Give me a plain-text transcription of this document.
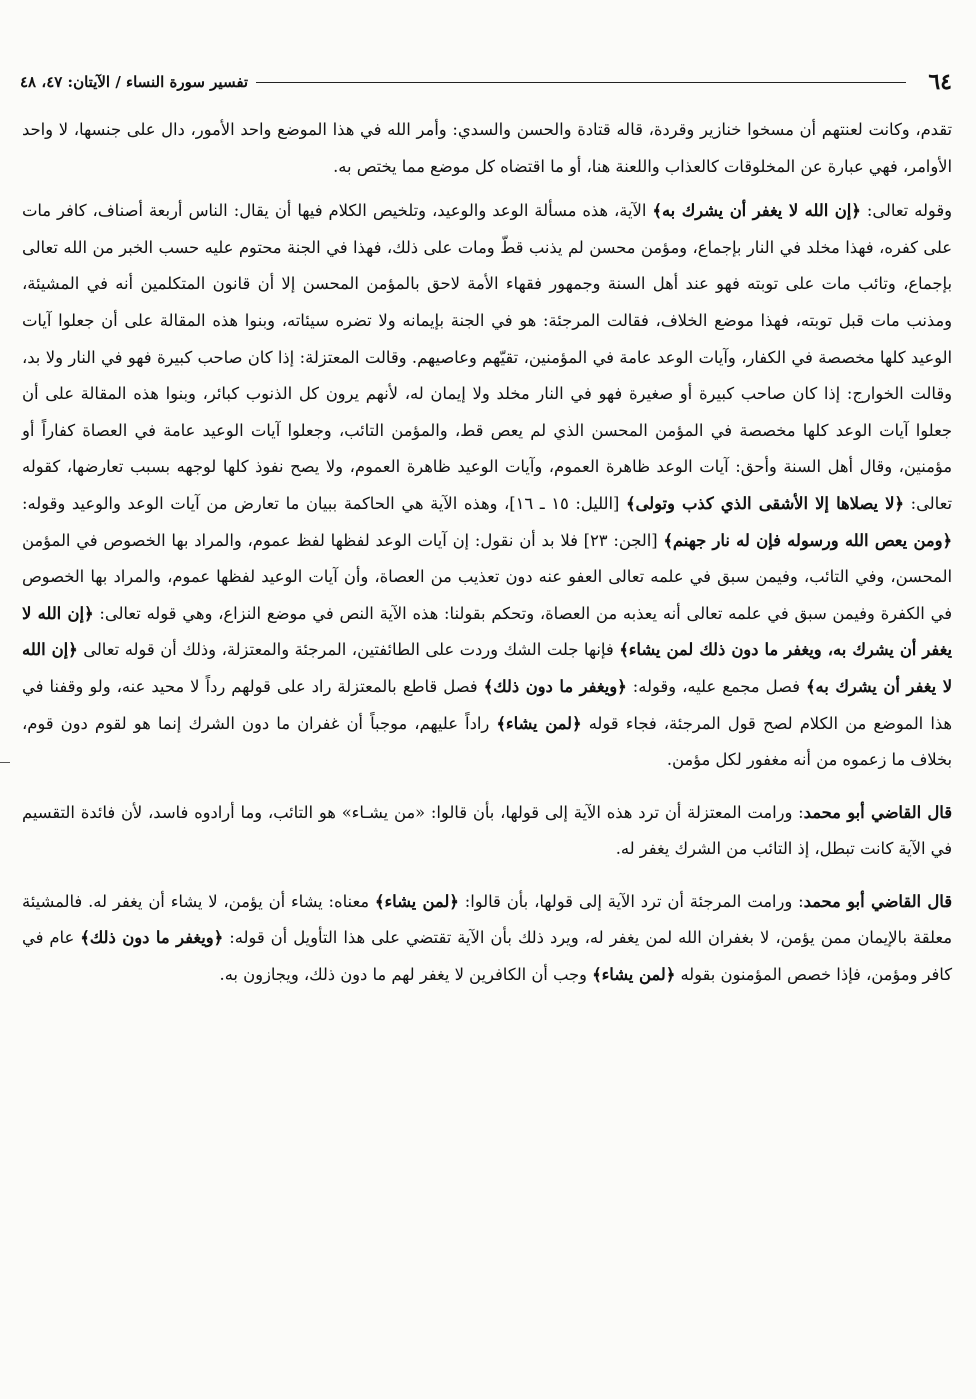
٦٤
تفسير سورة النساء / الآيتان: ٤٧، ٤٨

تقدم، وكانت لعنتهم أن مسخوا خنازير وقردة، قاله قتادة والحسن والسدي: وأمر الله في هذا الموضع واحد الأمور، دال على جنسها، لا واحد الأوامر، فهي عبارة عن المخلوقات كالعذاب واللعنة هنا، أو ما اقتضاه كل موضع مما يختص به.

وقوله تعالى: ﴿إن الله لا يغفر أن يشرك به﴾ الآية، هذه مسألة الوعد والوعيد، وتلخيص الكلام فيها أن يقال: الناس أربعة أصناف، كافر مات على كفره، فهذا مخلد في النار بإجماع، ومؤمن محسن لم يذنب قطّ ومات على ذلك، فهذا في الجنة محتوم عليه حسب الخبر من الله تعالى بإجماع، وتائب مات على توبته فهو عند أهل السنة وجمهور فقهاء الأمة لاحق بالمؤمن المحسن إلا أن قانون المتكلمين أنه في المشيئة، ومذنب مات قبل توبته، فهذا موضع الخلاف، فقالت المرجئة: هو في الجنة بإيمانه ولا تضره سيئاته، وبنوا هذه المقالة على أن جعلوا آيات الوعيد كلها مخصصة في الكفار، وآيات الوعد عامة في المؤمنين، تقيّهم وعاصيهم. وقالت المعتزلة: إذا كان صاحب كبيرة فهو في النار ولا بد، وقالت الخوارج: إذا كان صاحب كبيرة أو صغيرة فهو في النار مخلد ولا إيمان له، لأنهم يرون كل الذنوب كبائر، وبنوا هذه المقالة على أن جعلوا آيات الوعد كلها مخصصة في المؤمن المحسن الذي لم يعص قط، والمؤمن التائب، وجعلوا آيات الوعيد عامة في العصاة كفاراً أو مؤمنين، وقال أهل السنة وأحق: آيات الوعد ظاهرة العموم، وآيات الوعيد ظاهرة العموم، ولا يصح نفوذ كلها لوجهه بسبب تعارضها، كقوله تعالى: ﴿لا يصلاها إلا الأشقى الذي كذب وتولى﴾ [الليل: ١٥ ـ ١٦]، وهذه الآية هي الحاكمة ببيان ما تعارض من آيات الوعد والوعيد وقوله: ﴿ومن يعص الله ورسوله فإن له نار جهنم﴾ [الجن: ٢٣] فلا بد أن نقول: إن آيات الوعد لفظها لفظ عموم، والمراد بها الخصوص في المؤمن المحسن، وفي التائب، وفيمن سبق في علمه تعالى العفو عنه دون تعذيب من العصاة، وأن آيات الوعيد لفظها عموم، والمراد بها الخصوص في الكفرة وفيمن سبق في علمه تعالى أنه يعذبه من العصاة، وتحكم بقولنا: هذه الآية النص في موضع النزاع، وهي قوله تعالى: ﴿إن الله لا يغفر أن يشرك به، ويغفر ما دون ذلك لمن يشاء﴾ فإنها جلت الشك وردت على الطائفتين، المرجئة والمعتزلة، وذلك أن قوله تعالى ﴿إن الله لا يغفر أن يشرك به﴾ فصل مجمع عليه، وقوله: ﴿ويغفر ما دون ذلك﴾ فصل قاطع بالمعتزلة راد على قولهم رداً لا محيد عنه، ولو وقفنا في هذا الموضع من الكلام لصح قول المرجئة، فجاء قوله ﴿لمن يشاء﴾ راداً عليهم، موجباً أن غفران ما دون الشرك إنما هو لقوم دون قوم، بخلاف ما زعموه من أنه مغفور لكل مؤمن.

قال القاضي أبو محمد: ورامت المعتزلة أن ترد هذه الآية إلى قولها، بأن قالوا: «من يشـاء» هو التائب، وما أرادوه فاسد، لأن فائدة التقسيم في الآية كانت تبطل، إذ التائب من الشرك يغفر له.

قال القاضي أبو محمد: ورامت المرجئة أن ترد الآية إلى قولها، بأن قالوا: ﴿لمن يشاء﴾ معناه: يشاء أن يؤمن، لا يشاء أن يغفر له. فالمشيئة معلقة بالإيمان ممن يؤمن، لا بغفران الله لمن يغفر له، ويرد ذلك بأن الآية تقتضي على هذا التأويل أن قوله: ﴿ويغفر ما دون ذلك﴾ عام في كافر ومؤمن، فإذا خصص المؤمنون بقوله ﴿لمن يشاء﴾ وجب أن الكافرين لا يغفر لهم ما دون ذلك، ويجازون به.
